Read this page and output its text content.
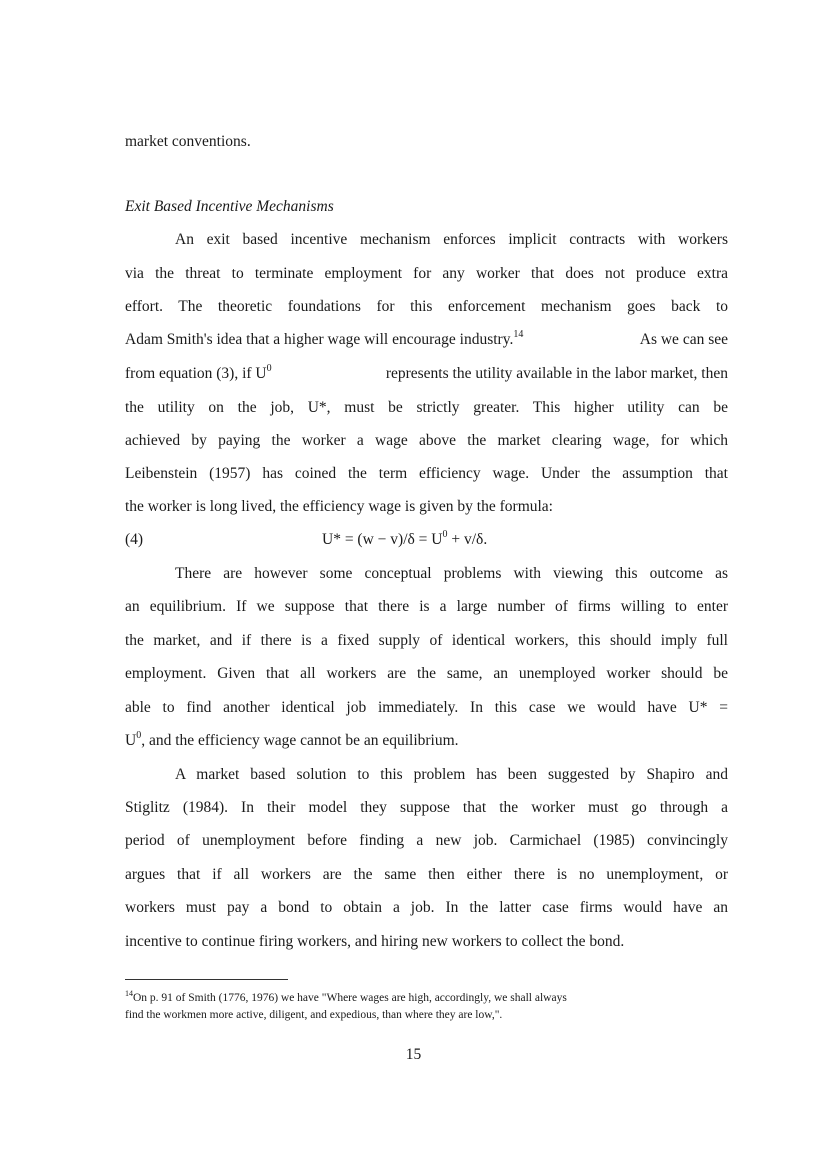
market conventions.
Exit Based Incentive Mechanisms
An exit based incentive mechanism enforces implicit contracts with workers
via the threat to terminate employment for any worker that does not produce extra
effort. The theoretic foundations for this enforcement mechanism goes back to
Adam Smith's idea that a higher wage will encourage industry.$^{14}$	As we can see
from equation (3), if $U^0$	represents the utility available in the labor market, then
the utility on the job, U*, must be strictly greater. This higher utility can be
achieved by paying the worker a wage above the market clearing wage, for which
Leibenstein (1957) has coined the term efficiency wage. Under the assumption that
the worker is long lived, the efficiency wage is given by the formula:
(4)	$U* = (w - v)/\delta = U^0 + v/\delta$.
There are however some conceptual problems with viewing this outcome as
an equilibrium. If we suppose that there is a large number of firms willing to enter
the market, and if there is a fixed supply of identical workers, this should imply full
employment. Given that all workers are the same, an unemployed worker should be
able to find another identical job immediately. In this case we would have U* =
$U^0$, and the efficiency wage cannot be an equilibrium.
A market based solution to this problem has been suggested by Shapiro and
Stiglitz (1984). In their model they suppose that the worker must go through a
period of unemployment before finding a new job. Carmichael (1985) convincingly
argues that if all workers are the same then either there is no unemployment, or
workers must pay a bond to obtain a job. In the latter case firms would have an
incentive to continue firing workers, and hiring new workers to collect the bond.
$^{14}$On p. 91 of Smith (1776, 1976) we have "Where wages are high, accordingly, we shall always
find the workmen more active, diligent, and expedious, than where they are low,".
15
